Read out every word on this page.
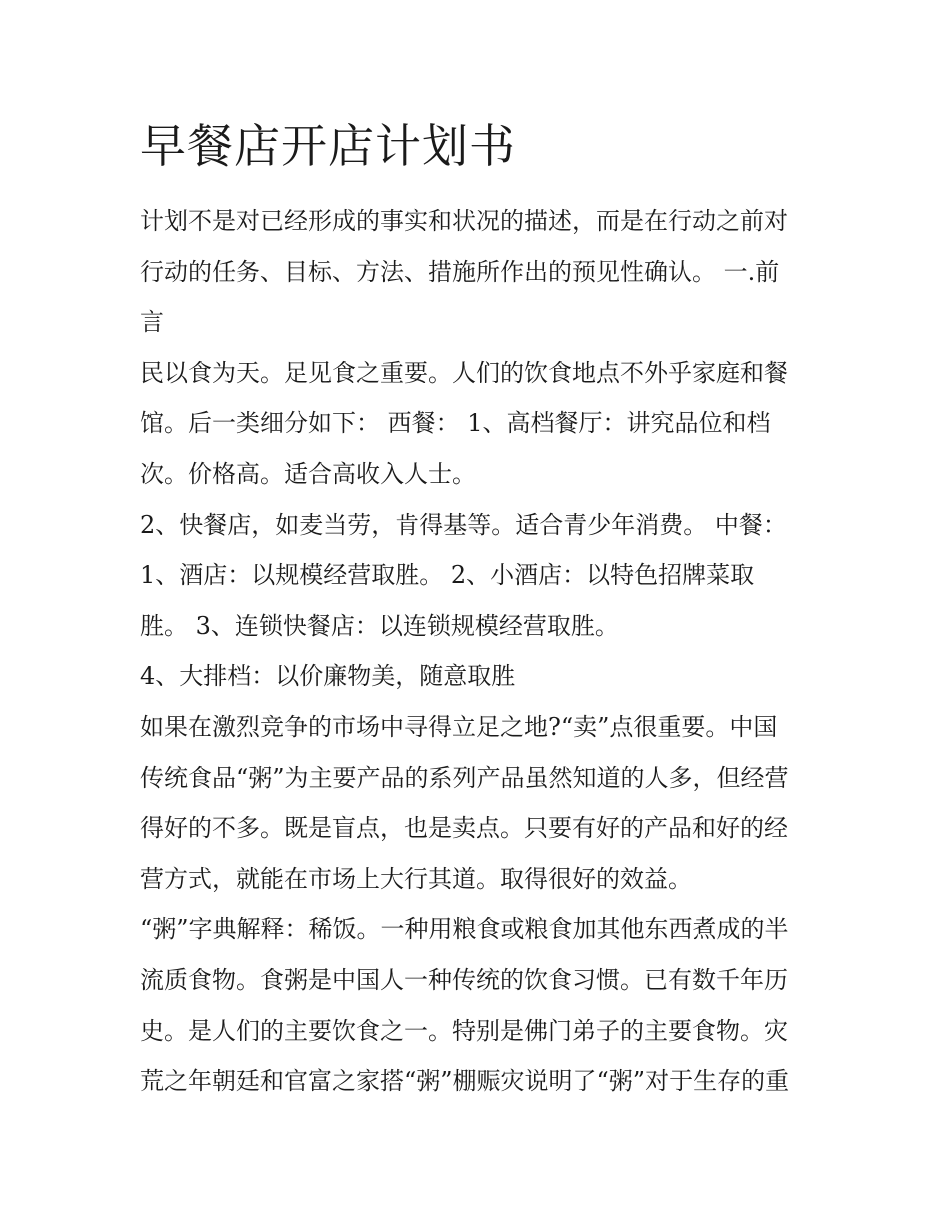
早餐店开店计划书
计划不是对已经形成的事实和状况的描述，而是在行动之前对
行动的任务、目标、方法、措施所作出的预见性确认。 一.前
言
民以食为天。足见食之重要。人们的饮食地点不外乎家庭和餐
馆。后一类细分如下： 西餐： 1、高档餐厅：讲究品位和档
次。价格高。适合高收入人士。
2、快餐店，如麦当劳，肯得基等。适合青少年消费。 中餐：
1、酒店：以规模经营取胜。 2、小酒店：以特色招牌菜取
胜。 3、连锁快餐店：以连锁规模经营取胜。
4、大排档：以价廉物美，随意取胜
如果在激烈竞争的市场中寻得立足之地?“卖”点很重要。中国
传统食品“粥”为主要产品的系列产品虽然知道的人多，但经营
得好的不多。既是盲点，也是卖点。只要有好的产品和好的经
营方式，就能在市场上大行其道。取得很好的效益。
“粥”字典解释：稀饭。一种用粮食或粮食加其他东西煮成的半
流质食物。食粥是中国人一种传统的饮食习惯。已有数千年历
史。是人们的主要饮食之一。特别是佛门弟子的主要食物。灾
荒之年朝廷和官富之家搭“粥”棚赈灾说明了“粥”对于生存的重
